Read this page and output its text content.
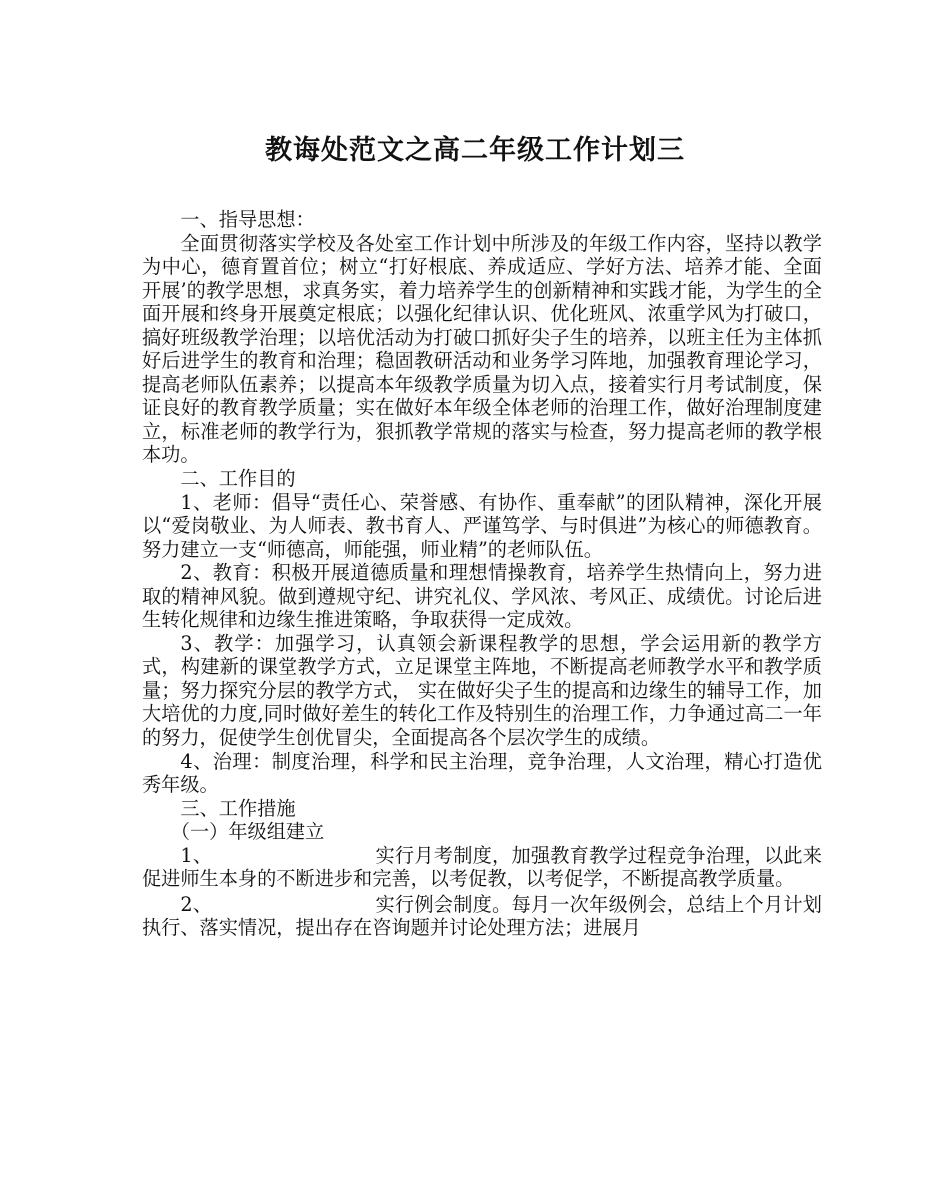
教诲处范文之高二年级工作计划三

一、指导思想：

全面贯彻落实学校及各处室工作计划中所涉及的年级工作内容，坚持以教学为中心，德育置首位；树立“打好根底、养成适应、学好方法、培养才能、全面开展’的教学思想，求真务实，着力培养学生的创新精神和实践才能，为学生的全面开展和终身开展奠定根底；以强化纪律认识、优化班风、浓重学风为打破口，搞好班级教学治理；以培优活动为打破口抓好尖子生的培养，以班主任为主体抓好后进学生的教育和治理；稳固教研活动和业务学习阵地，加强教育理论学习，提高老师队伍素养；以提高本年级教学质量为切入点，接着实行月考试制度，保证良好的教育教学质量；实在做好本年级全体老师的治理工作，做好治理制度建立，标准老师的教学行为，狠抓教学常规的落实与检查，努力提高老师的教学根本功。

二、工作目的

1、老师：倡导“责任心、荣誉感、有协作、重奉献”的团队精神，深化开展以“爱岗敬业、为人师表、教书育人、严谨笃学、与时俱进”为核心的师德教育。努力建立一支“师德高，师能强，师业精”的老师队伍。

2、教育：积极开展道德质量和理想情操教育，培养学生热情向上，努力进取的精神风貌。做到遵规守纪、讲究礼仪、学风浓、考风正、成绩优。讨论后进生转化规律和边缘生推进策略，争取获得一定成效。

3、教学：加强学习，认真领会新课程教学的思想，学会运用新的教学方式，构建新的课堂教学方式，立足课堂主阵地，不断提高老师教学水平和教学质量；努力探究分层的教学方式， 实在做好尖子生的提高和边缘生的辅导工作，加大培优的力度,同时做好差生的转化工作及特别生的治理工作，力争通过高二一年的努力，促使学生创优冒尖，全面提高各个层次学生的成绩。

4、治理：制度治理，科学和民主治理，竞争治理，人文治理，精心打造优秀年级。

三、工作措施

（一）年级组建立

1、	实行月考制度，加强教育教学过程竞争治理，以此来促进师生本身的不断进步和完善，以考促教，以考促学，不断提高教学质量。

2、	实行例会制度。每月一次年级例会，总结上个月计划执行、落实情况，提出存在咨询题并讨论处理方法；进展月
